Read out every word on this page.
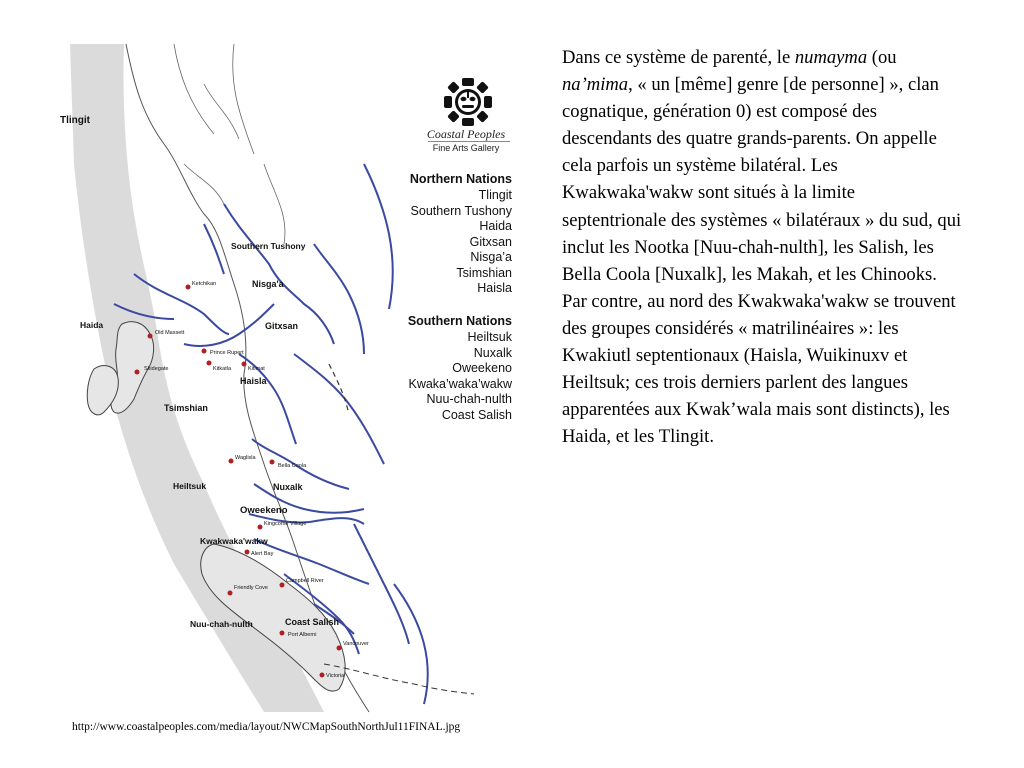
Tlingit
Southern Tushony
Nisga'a
Gitxsan
Haida
Haisla
Tsimshian
Nuxalk
Heiltsuk
Oweekeno
Kwakwaka'wakw
Nuu-chah-nulth	Coast Salish
Ketchikan
Old Massett
Prince Rupert
Kitimat
Kitkatla
Skidegate
Waglisla
Bella Coola
Kingcome Village
Alert Bay
Campbell River
Friendly Cove
Port Alberni
Vancouver
Victoria
Coastal Peoples
Fine Arts Gallery
Northern Nations
Tlingit
Southern Tushony
Haida
Gitxsan
Nisga’a
Tsimshian
Haisla
Southern Nations
Heiltsuk
Nuxalk
Oweekeno
Kwaka’waka’wakw
Nuu-chah-nulth
Coast Salish
Dans ce système de parenté, le numayma (ou na’mima, « un [même] genre [de personne] », clan cognatique, génération 0) est composé des descendants des quatre grands-parents. On appelle cela parfois un système bilatéral. Les Kwakwaka'wakw sont situés à la limite septentrionale des systèmes « bilatéraux » du sud, qui inclut les Nootka [Nuu-chah-nulth], les Salish, les Bella Coola [Nuxalk], les Makah, et les Chinooks. Par contre, au nord des Kwakwaka'wakw se trouvent des groupes considérés « matrilinéaires »: les Kwakiutl septentionaux (Haisla, Wuikinuxv et Heiltsuk; ces trois derniers parlent des langues apparentées aux Kwak’wala mais sont distincts), les Haida, et les Tlingit.
http://www.coastalpeoples.com/media/layout/NWCMapSouthNorthJul11FINAL.jpg
